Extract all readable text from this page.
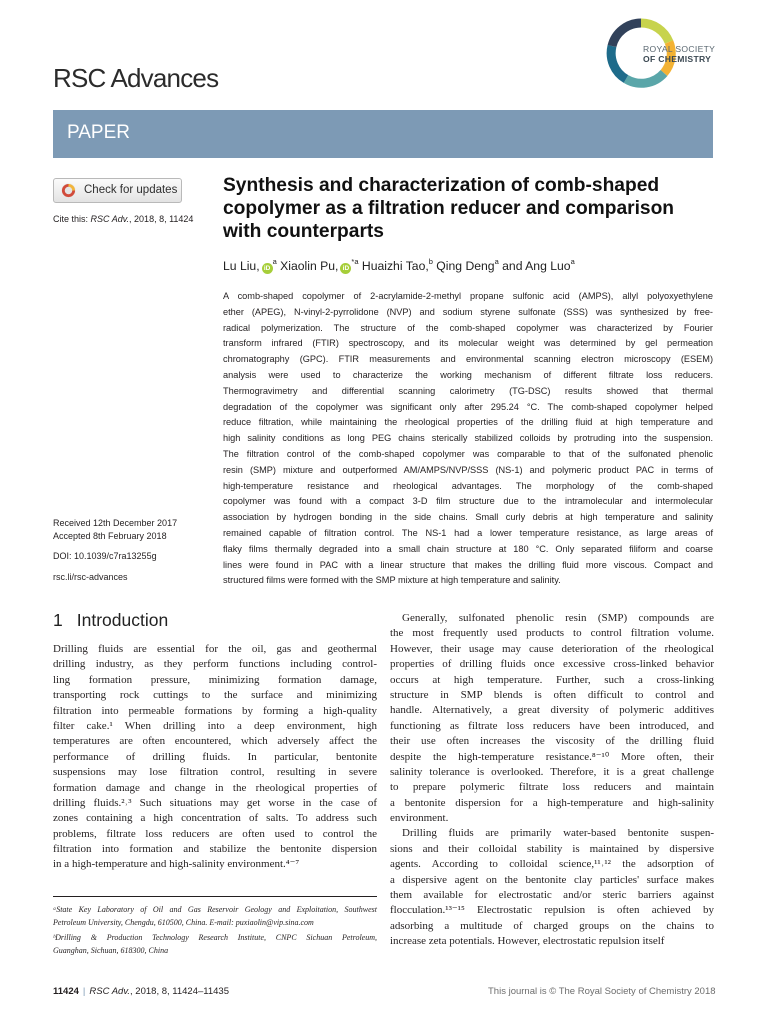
RSC Advances
ROYAL SOCIETY
OF CHEMISTRY
PAPER
Check for updates
Cite this: RSC Adv., 2018, 8, 11424
Received 12th December 2017
Accepted 8th February 2018
DOI: 10.1039/c7ra13255g
rsc.li/rsc-advances
Synthesis and characterization of comb-shaped
copolymer as a filtration reducer and comparison
with counterparts
Lu Liu, $iD^a$ Xiaolin Pu, $iD^{*a}$ Huaizhi Tao,$^b$ Qing Deng$^a$ and Ang Luo$^a$
A comb-shaped copolymer of 2-acrylamide-2-methyl propane sulfonic acid (AMPS), allyl polyoxyethylene
ether (APEG), N-vinyl-2-pyrrolidone (NVP) and sodium styrene sulfonate (SSS) was synthesized by free-
radical polymerization. The structure of the comb-shaped copolymer was characterized by Fourier
transform infrared (FTIR) spectroscopy, and its molecular weight was determined by gel permeation
chromatography (GPC). FTIR measurements and environmental scanning electron microscopy (ESEM)
analysis were used to characterize the working mechanism of different filtrate loss reducers.
Thermogravimetry and differential scanning calorimetry (TG-DSC) results showed that thermal
degradation of the copolymer was significant only after 295.24 °C. The comb-shaped copolymer helped
reduce filtration, while maintaining the rheological properties of the drilling fluid at high temperature and
high salinity conditions as long PEG chains sterically stabilized colloids by protruding into the suspension.
The filtration control of the comb-shaped copolymer was comparable to that of the sulfonated phenolic
resin (SMP) mixture and outperformed AM/AMPS/NVP/SSS (NS-1) and polymeric product PAC in terms of
high-temperature resistance and rheological advantages. The morphology of the comb-shaped
copolymer was found with a compact 3-D film structure due to the intramolecular and intermolecular
association by hydrogen bonding in the side chains. Small curly debris at high temperature and salinity
remained capable of filtration control. The NS-1 had a lower temperature resistance, as large areas of
flaky films thermally degraded into a small chain structure at 180 °C. Only separated filiform and coarse
lines were found in PAC with a linear structure that makes the drilling fluid more viscous. Compact and
structured films were formed with the SMP mixture at high temperature and salinity.
1 Introduction
Drilling fluids are essential for the oil, gas and geothermal
drilling industry, as they perform functions including control-
ling formation pressure, minimizing formation damage,
transporting rock cuttings to the surface and minimizing
filtration into permeable formations by forming a high-quality
filter cake.¹ When drilling into a deep environment, high
temperatures are often encountered, which adversely affect the
performance of drilling fluids. In particular, bentonite
suspensions may lose filtration control, resulting in severe
formation damage and change in the rheological properties of
drilling fluids.²˒³ Such situations may get worse in the case of
zones containing a high concentration of salts. To address such
problems, filtrate loss reducers are often used to control the
filtration into formation and stabilize the bentonite dispersion
in a high-temperature and high-salinity environment.⁴⁻⁷
Generally, sulfonated phenolic resin (SMP) compounds are
the most frequently used products to control filtration volume.
However, their usage may cause deterioration of the rheological
properties of drilling fluids once excessive cross-linked behavior
occurs at high temperature. Further, such a cross-linking
structure in SMP blends is often difficult to control and
handle. Alternatively, a great diversity of polymeric additives
functioning as filtrate loss reducers have been introduced, and
their use often increases the viscosity of the drilling fluid
despite the high-temperature resistance.⁸⁻¹⁰ More often, their
salinity tolerance is overlooked. Therefore, it is a great challenge
to prepare polymeric filtrate loss reducers and maintain
a bentonite dispersion for a high-temperature and high-salinity
environment.
Drilling fluids are primarily water-based bentonite suspen-
sions and their colloidal stability is maintained by dispersive
agents. According to colloidal science,¹¹˒¹² the adsorption of
a dispersive agent on the bentonite clay particles' surface makes
them available for electrostatic and/or steric barriers against
flocculation.¹³⁻¹⁵ Electrostatic repulsion is often achieved by
adsorbing a multitude of charged groups on the chains to
increase zeta potentials. However, electrostatic repulsion itself
ᵃState Key Laboratory of Oil and Gas Reservoir Geology and Exploitation, Southwest
Petroleum University, Chengdu, 610500, China. E-mail: puxiaolin@vip.sina.com
ᵇDrilling & Production Technology Research Institute, CNPC Sichuan Petroleum,
Guanghan, Sichuan, 618300, China
11424 | RSC Adv., 2018, 8, 11424–11435	This journal is © The Royal Society of Chemistry 2018
